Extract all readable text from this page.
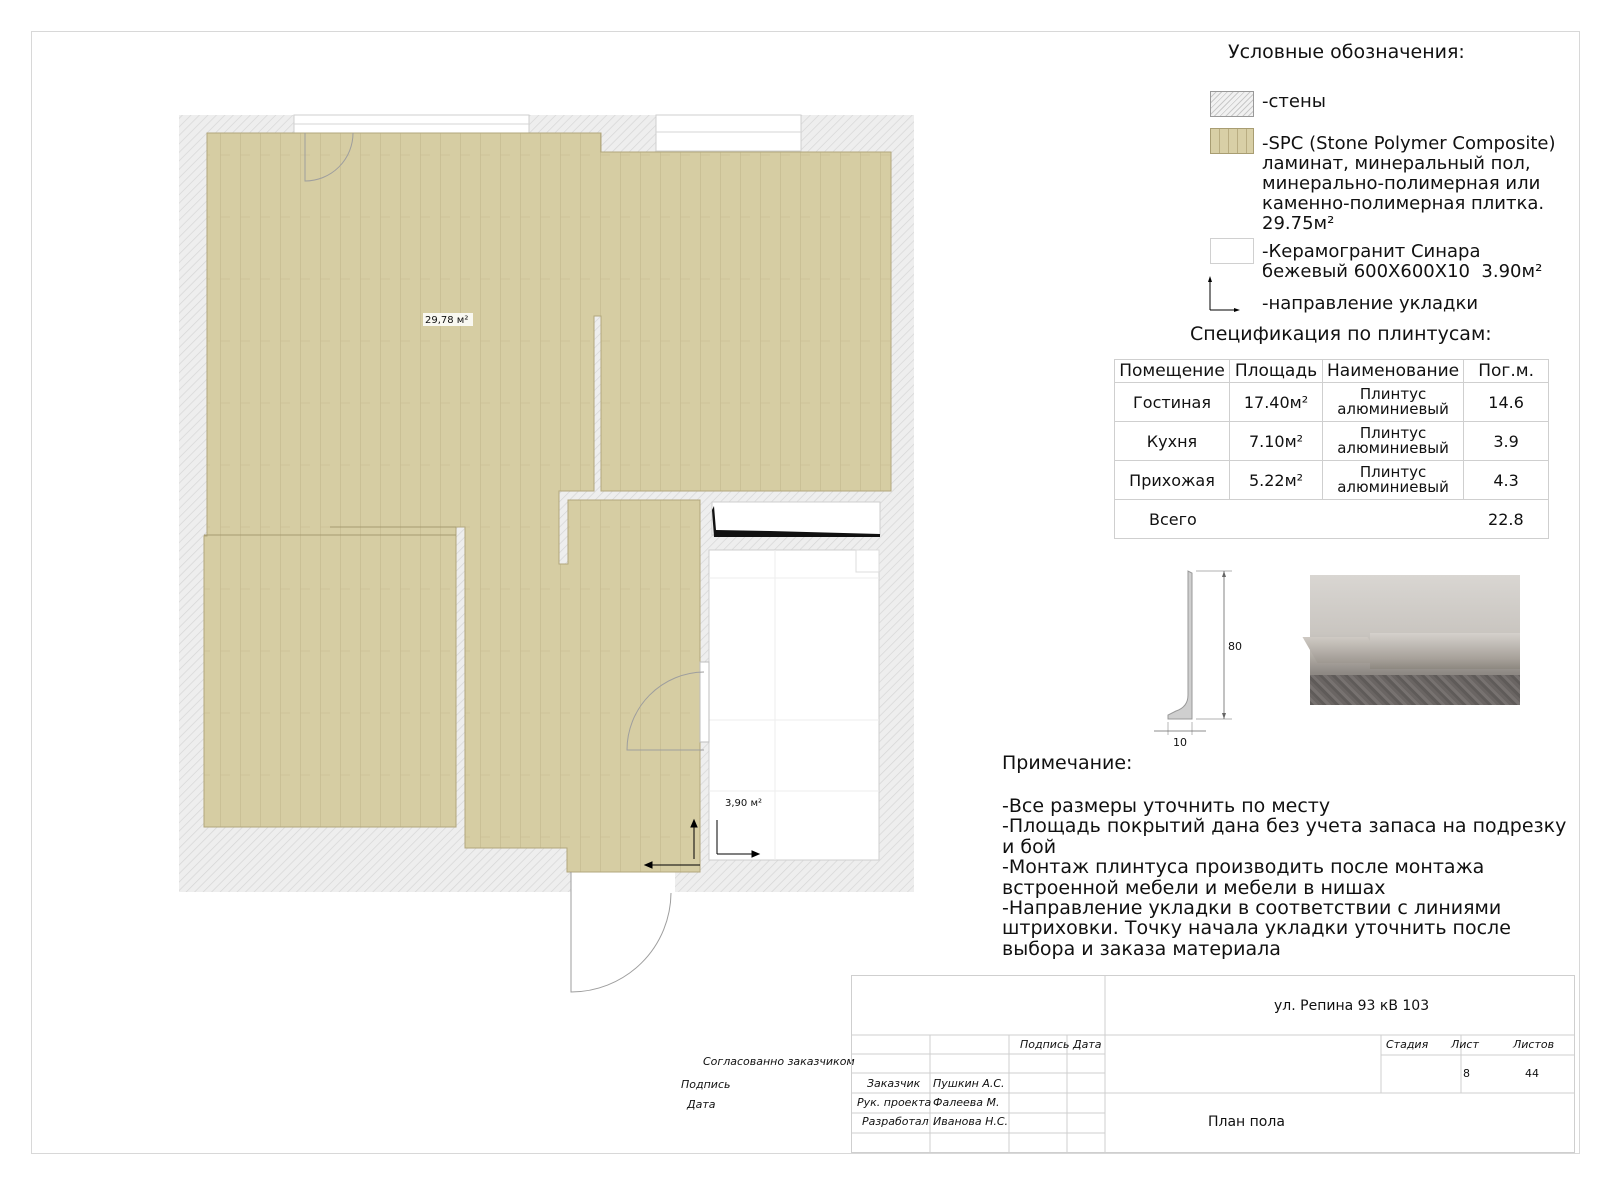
29,78 м²
3,90 м²
Условные обозначения:
-стены
-SPC (Stone Polymer Composite)
ламинат, минеральный пол,
минерально-полимерная или
каменно-полимерная плитка.
29.75м²
-Керамогранит Синара
бежевый 600Х600Х10  3.90м²
-направление укладки
Спецификация по плинтусам:
Помещение	Площадь	Наименование	Пог.м.
Гостиная	17.40м²	Плинтус алюминиевый	14.6
Кухня	7.10м²	Плинтус алюминиевый	3.9
Прихожая	5.22м²	Плинтус алюминиевый	4.3
Всего			22.8
80
10
Примечание:
-Все размеры уточнить по месту
-Площадь покрытий дана без учета запаса на подрезку
и бой
-Монтаж плинтуса производить после монтажа
встроенной мебели и мебели в нишах
-Направление укладки в соответствии с линиями
штриховки. Точку начала укладки уточнить после
выбора и заказа материала
Согласованно заказчиком
Подпись
Дата
ул. Репина 93 кВ 103
Подпись Дата	Стадия Лист	Листов
8	44
Заказчик Пушкин А.С.
Рук. проекта Фалеева М.
Разработал Иванова Н.С.	План пола
